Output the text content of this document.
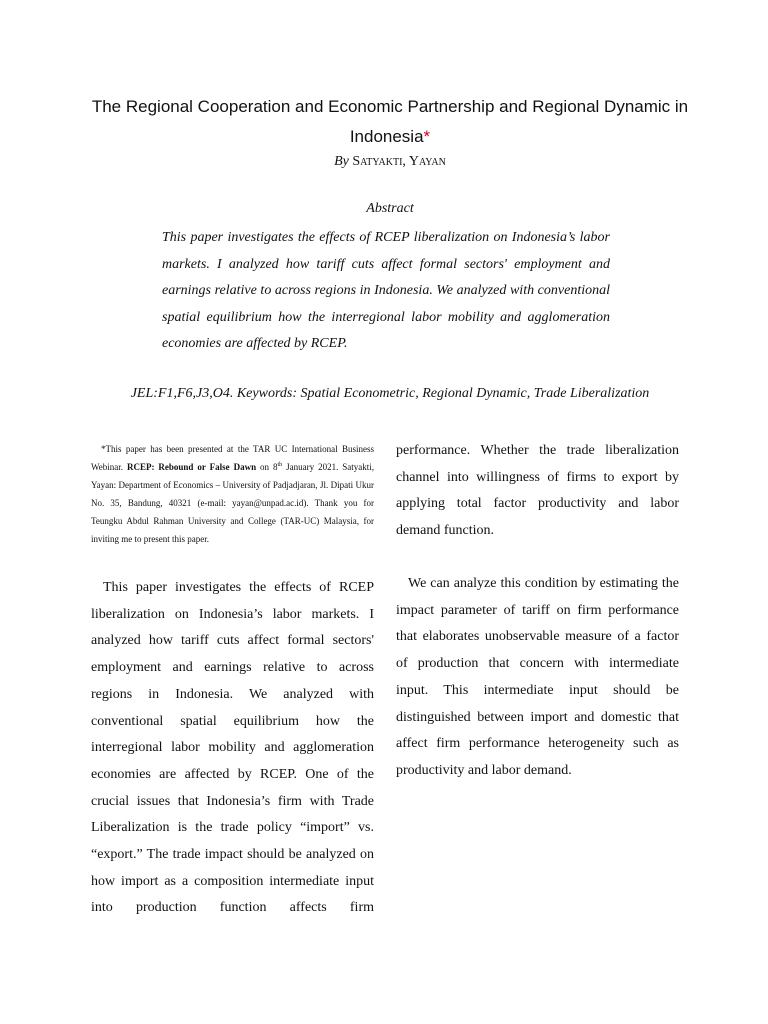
The Regional Cooperation and Economic Partnership and Regional Dynamic in Indonesia*
By Satyakti, Yayan
Abstract
This paper investigates the effects of RCEP liberalization on Indonesia’s labor markets. I analyzed how tariff cuts affect formal sectors' employment and earnings relative to across regions in Indonesia. We analyzed with conventional spatial equilibrium how the interregional labor mobility and agglomeration economies are affected by RCEP.
JEL:F1,F6,J3,O4. Keywords: Spatial Econometric, Regional Dynamic, Trade Liberalization
*This paper has been presented at the TAR UC International Business Webinar. RCEP: Rebound or False Dawn on 8th January 2021. Satyakti, Yayan: Department of Economics – University of Padjadjaran, Jl. Dipati Ukur No. 35, Bandung, 40321 (e-mail: yayan@unpad.ac.id). Thank you for Teungku Abdul Rahman University and College (TAR-UC) Malaysia, for inviting me to present this paper.

This paper investigates the effects of RCEP liberalization on Indonesia’s labor markets. I analyzed how tariff cuts affect formal sectors' employment and earnings relative to across regions in Indonesia. We analyzed with conventional spatial equilibrium how the interregional labor mobility and agglomeration economies are affected by RCEP. One of the crucial issues that Indonesia’s firm with Trade Liberalization is the trade policy “import” vs. “export.” The trade impact should be analyzed on how import as a composition intermediate input into production function affects firm

performance. Whether the trade liberalization channel into willingness of firms to export by applying total factor productivity and labor demand function.

We can analyze this condition by estimating the impact parameter of tariff on firm performance that elaborates unobservable measure of a factor of production that concern with intermediate input. This intermediate input should be distinguished between import and domestic that affect firm performance heterogeneity such as productivity and labor demand.
